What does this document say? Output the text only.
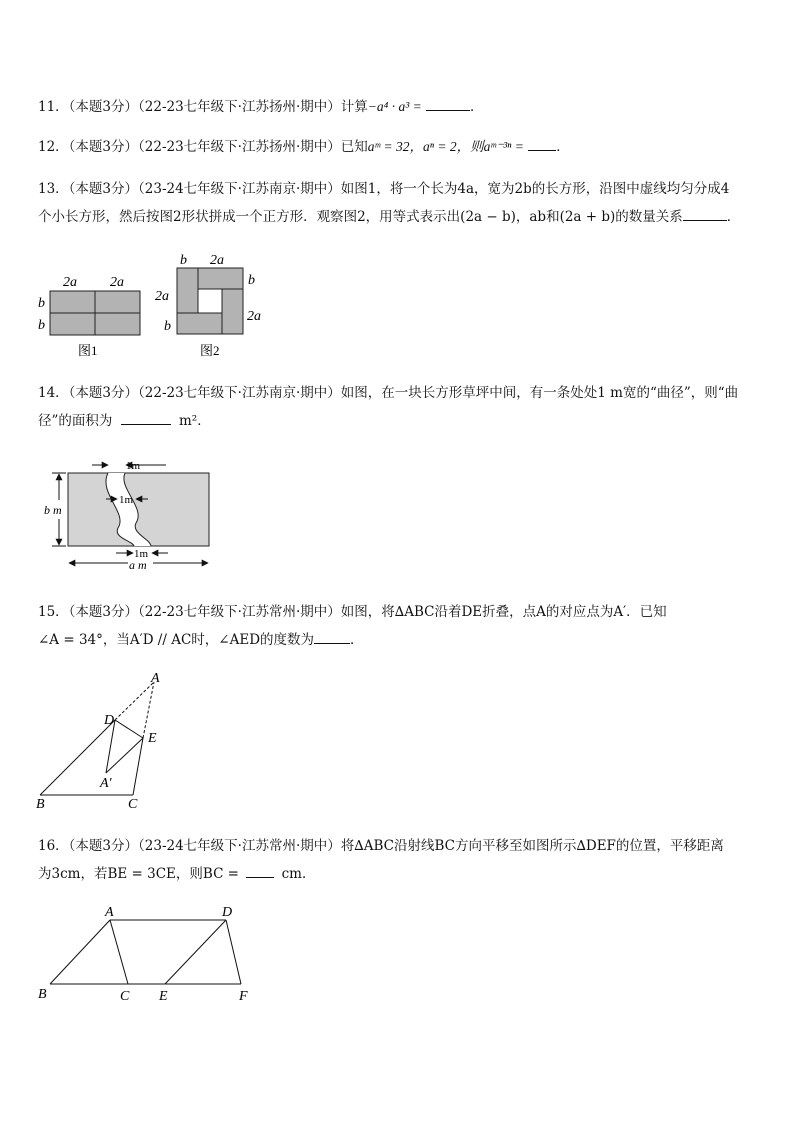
11．（本题3分）（22-23七年级下·江苏扬州·期中）计算−a⁴ · a³ =	．
12．（本题3分）（22-23七年级下·江苏扬州·期中）已知aᵐ = 32，aⁿ = 2，则aᵐ⁻³ⁿ = ．
13．（本题3分）（23-24七年级下·江苏南京·期中）如图1，将一个长为4a，宽为2b的长方形，沿图中虚线均匀分成4
个小长方形，然后按图2形状拼成一个正方形．观察图2，用等式表示出(2a − b)，ab和(2a + b)的数量关系	．
2a 2a
b
b
图1
b 2a
b
2a
2a
b
图2
14．（本题3分）（22-23七年级下·江苏南京·期中）如图，在一块长方形草坪中间，有一条处处1 m宽的“曲径”，则“曲
径”的面积为	m²．
1m
1m
1m
b m
a m
15．（本题3分）（22-23七年级下·江苏常州·期中）如图，将∆ABC沿着DE折叠，点A的对应点为A′．已知
∠A = 34°，当A′D // AC时，∠AED的度数为	．
A
D
E
A′
B	C
16．（本题3分）（23-24七年级下·江苏常州·期中）将∆ABC沿射线BC方向平移至如图所示∆DEF的位置，平移距离
为3cm，若BE = 3CE，则BC =	cm．
A	D
B	C E	F
